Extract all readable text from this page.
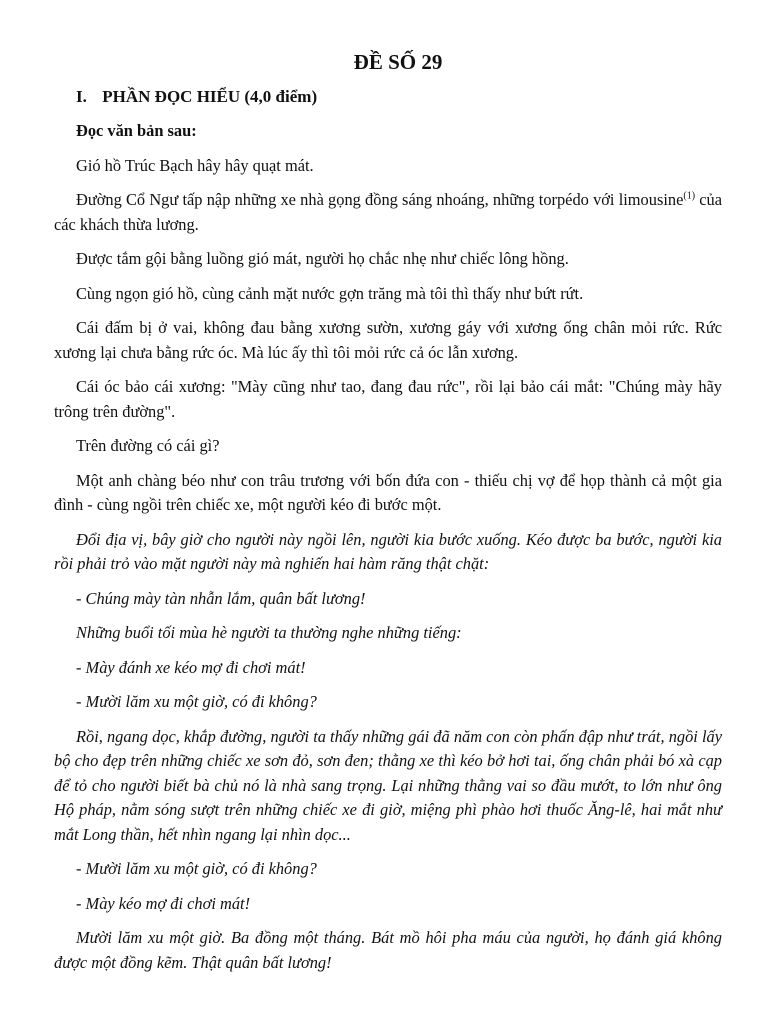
ĐỀ SỐ 29
I. PHẦN ĐỌC HIỂU (4,0 điểm)

Đọc văn bản sau:

Gió hồ Trúc Bạch hây hây quạt mát.

Đường Cổ Ngư tấp nập những xe nhà gọng đồng sáng nhoáng, những torpédo với limousine$^{(1)}$ của các khách thừa lương.

Được tắm gội bằng luồng gió mát, người họ chắc nhẹ như chiếc lông hồng.

Cùng ngọn gió hồ, cùng cảnh mặt nước gợn trăng mà tôi thì thấy như bứt rứt.

Cái đấm bị ở vai, không đau bằng xương sườn, xương gáy với xương ống chân mỏi rức. Rức xương lại chưa bằng rức óc. Mà lúc ấy thì tôi mỏi rức cả óc lẫn xương.

Cái óc bảo cái xương: "Mày cũng như tao, đang đau rức", rồi lại bảo cái mắt: "Chúng mày hãy trông trên đường".

Trên đường có cái gì?

Một anh chàng béo như con trâu trương với bốn đứa con - thiếu chị vợ để họp thành cả một gia đình - cùng ngồi trên chiếc xe, một người kéo đi bước một.

Đổi địa vị, bây giờ cho người này ngồi lên, người kia bước xuống. Kéo được ba bước, người kia rồi phải trỏ vào mặt người này mà nghiến hai hàm răng thật chặt:

- Chúng mày tàn nhẫn lắm, quân bất lương!

Những buổi tối mùa hè người ta thường nghe những tiếng:

- Mày đánh xe kéo mợ đi chơi mát!

- Mười lăm xu một giờ, có đi không?

Rồi, ngang dọc, khắp đường, người ta thấy những gái đã năm con còn phấn đập như trát, ngồi lấy bộ cho đẹp trên những chiếc xe sơn đỏ, sơn đen; thằng xe thì kéo bở hơi tai, ống chân phải bó xà cạp để tỏ cho người biết bà chủ nó là nhà sang trọng. Lại những thằng vai so đầu mướt, to lớn như ông Hộ pháp, nằm sóng sượt trên những chiếc xe đi giờ, miệng phì phào hơi thuốc Ăng-lê, hai mắt như mắt Long thần, hết nhìn ngang lại nhìn dọc...

- Mười lăm xu một giờ, có đi không?

- Mày kéo mợ đi chơi mát!

Mười lăm xu một giờ. Ba đồng một tháng. Bát mồ hôi pha máu của người, họ đánh giá không được một đồng kẽm. Thật quân bất lương!
